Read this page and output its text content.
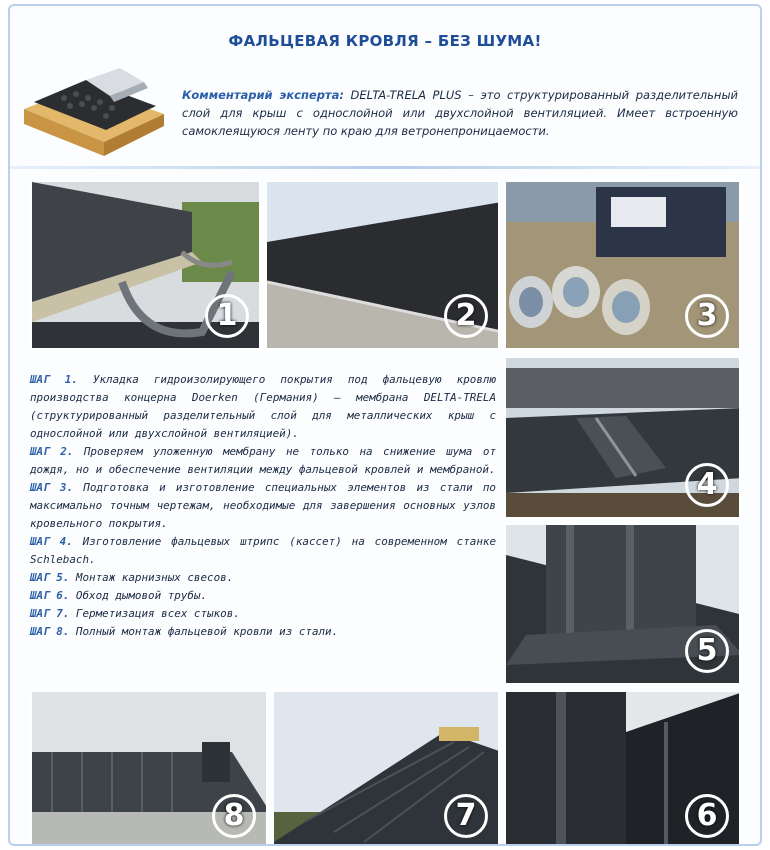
ФАЛЬЦЕВАЯ КРОВЛЯ – БЕЗ ШУМА!
Комментарий эксперта: DELTA-TRELA PLUS – это структурированный разделительный слой для крыш с однослойной или двухслойной вентиляцией. Имеет встроенную самоклеящуюся ленту по краю для ветронепроницаемости.
1	2	3
4
5
6
7
8
ШАГ 1. Укладка гидроизолирующего покрытия под фальцевую кровлю производства концерна Doerken (Германия) – мембрана DELTA-TRELA (структурированный разделительный слой для металлических крыш с однослойной или двухслойной вентиляцией).
ШАГ 2. Проверяем уложенную мембрану не только на снижение шума от дождя, но и обеспечение вентиляции между фальцевой кровлей и мембраной.
ШАГ 3. Подготовка и изготовление специальных элементов из стали по максимально точным чертежам, необходимые для завершения основных узлов кровельного покрытия.
ШАГ 4. Изготовление фальцевых штрипс (кассет) на современном станке Schlebach.
ШАГ 5. Монтаж карнизных свесов.
ШАГ 6. Обход дымовой трубы.
ШАГ 7. Герметизация всех стыков.
ШАГ 8. Полный монтаж фальцевой кровли из стали.
